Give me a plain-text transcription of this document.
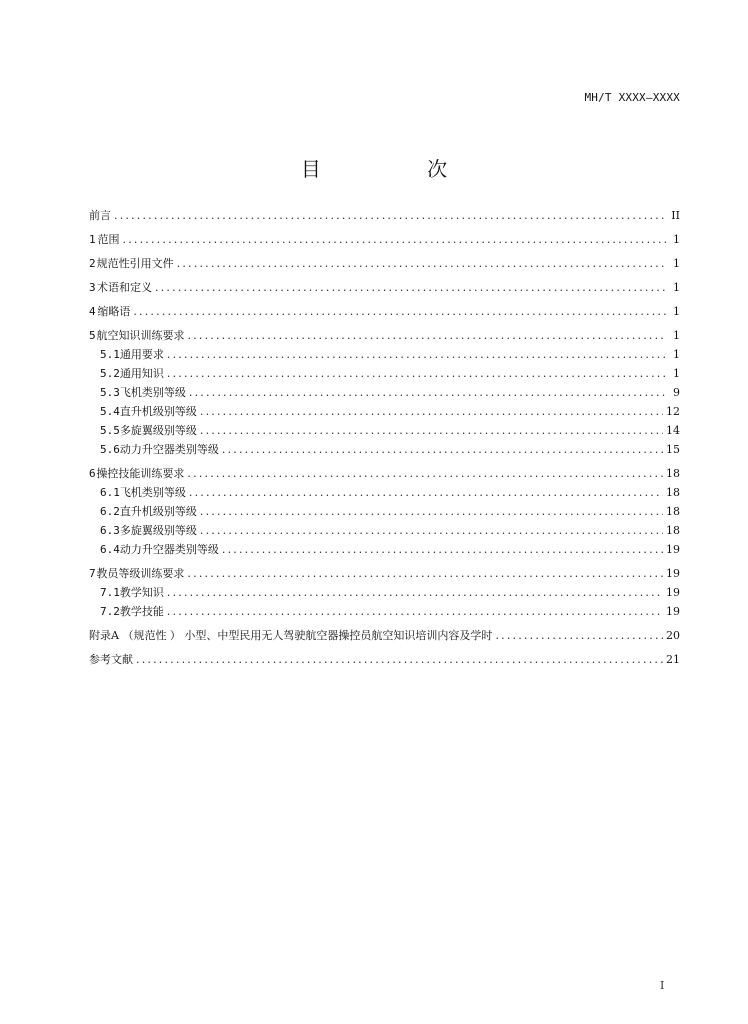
MH/T XXXX—XXXX
目 次
前言 .....	II
1 范围 .....	1
2 规范性引用文件 .....	1
3 术语和定义 .....	1
4 缩略语 .....	1
5 航空知识训练要求 .....	1
5.1 通用要求 .....	1
5.2 通用知识 .....	1
5.3 飞机类别等级 .....	9
5.4 直升机级别等级 .....	12
5.5 多旋翼级别等级 .....	14
5.6 动力升空器类别等级 .....	15
6 操控技能训练要求 .....	18
6.1 飞机类别等级 .....	18
6.2 直升机级别等级 .....	18
6.3 多旋翼级别等级 .....	18
6.4 动力升空器类别等级 .....	19
7 教员等级训练要求 .....	19
7.1 教学知识 .....	19
7.2 教学技能 .....	19
附录A （规范性 ） 小型、中型民用无人驾驶航空器操控员航空知识培训内容及学时 .....	20
参考文献 .....	21
I
